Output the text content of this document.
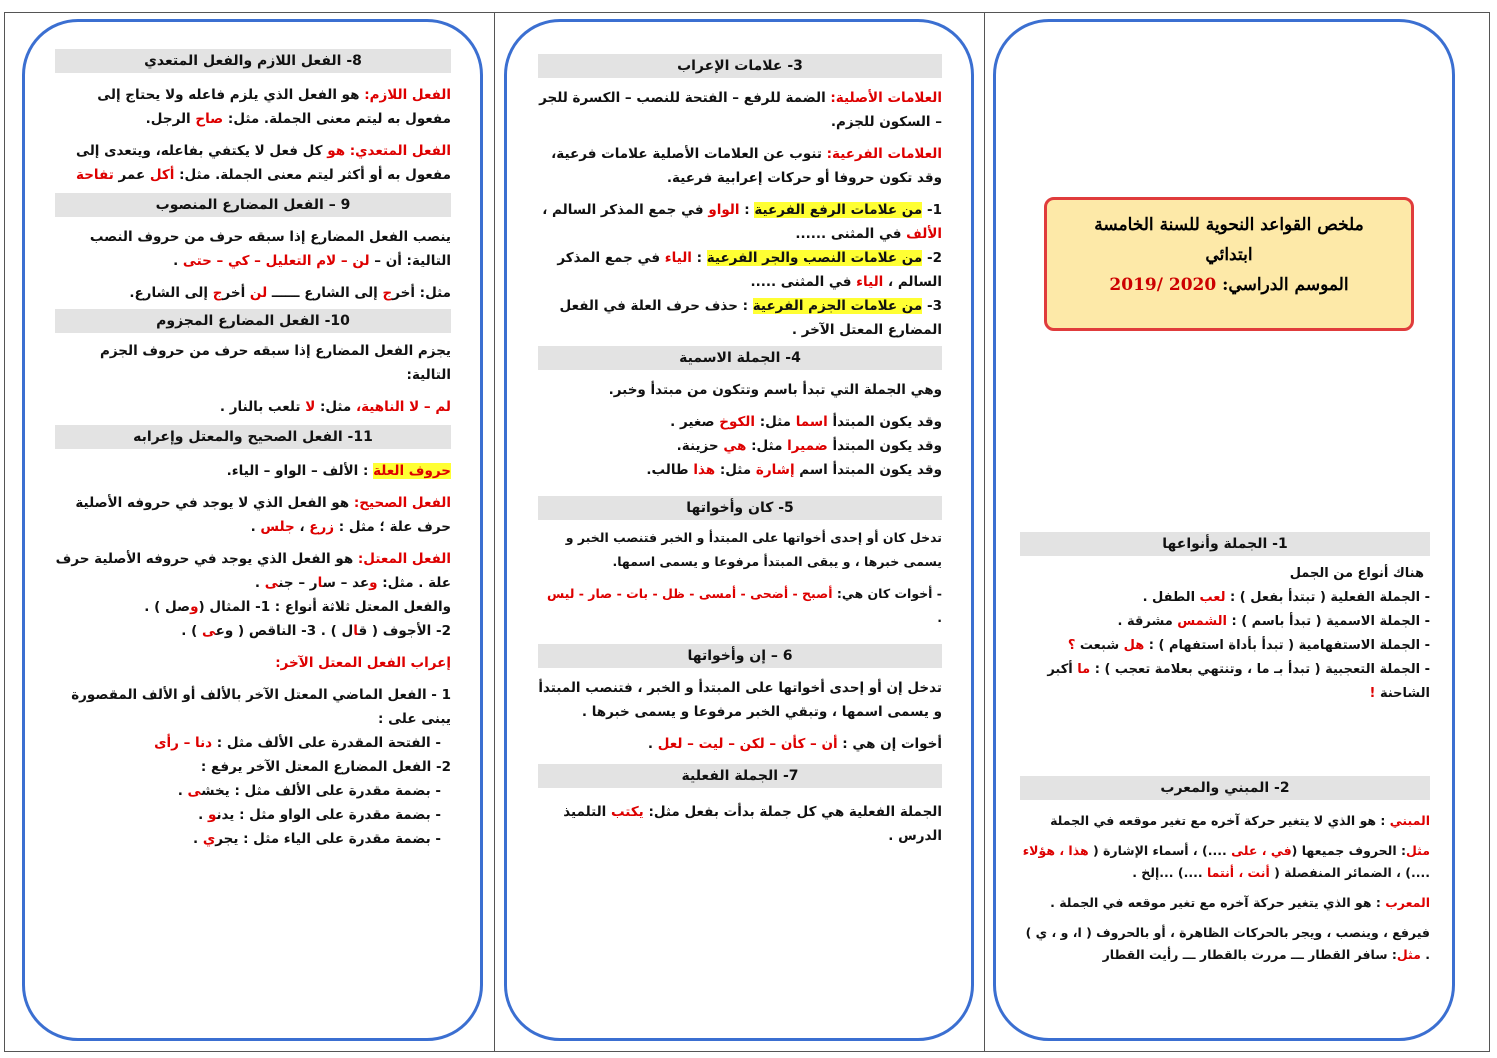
ملخص القواعد النحوية للسنة الخامسة
ابتدائي
الموسم الدراسي: 2020 /2019
1- الجملة وأنواعها

هناك أنواع من الجمل

- الجملة الفعلية ( تبتدأ بفعل ) : لعب الطفل .

- الجملة الاسمية ( تبدأ باسم ) : الشمس مشرقة .

- الجملة الاستفهامية ( تبدأ بأداة استفهام ) : هل شبعت ؟

- الجملة التعجبية ( تبدأ بـ ما ، وتنتهي بعلامة تعجب ) : ما أكبر الشاحنة !

2- المبني والمعرب

المبني : هو الذي لا يتغير حركة آخره مع تغير موقعه في الجملة

مثل: الحروف جميعها (في ، على ....) ، أسماء الإشارة ( هذا ، هؤلاء ....) ، الضمائر المنفصلة ( أنت ، أنتما ....) ...إلخ .

المعرب : هو الذي يتغير حركة آخره مع تغير موقعه في الجملة .

فيرفع ، وينصب ، ويجر بالحركات الظاهرة ، أو بالحروف ( ا، و ، ي ) . مثل: سافر القطار ـــ مررت بالقطار ـــ رأيت القطار

3- علامات الإعراب

العلامات الأصلية: الضمة للرفع – الفتحة للنصب – الكسرة للجر – السكون للجزم.

العلامات الفرعية: تنوب عن العلامات الأصلية علامات فرعية، وقد تكون حروفا أو حركات إعرابية فرعية.

1- من علامات الرفع الفرعية : الواو في جمع المذكر السالم ، الألف في المثنى ......

2- من علامات النصب والجر الفرعية : الياء في جمع المذكر السالم ، الياء في المثنى .....

3- من علامات الجزم الفرعية : حذف حرف العلة في الفعل المضارع المعتل الآخر .

4- الجملة الاسمية

وهي الجملة التي تبدأ باسم وتتكون من مبتدأ وخبر.

وقد يكون المبتدأ اسما مثل: الكوخ صغير .

وقد يكون المبتدأ ضميرا مثل: هي حزينة.

وقد يكون المبتدأ اسم إشارة مثل: هذا طالب.

5- كان وأخواتها

تدخل كان أو إحدى أخواتها على المبتدأ و الخبر فتنصب الخبر و يسمى خبرها ، و يبقى المبتدأ مرفوعا و يسمى اسمها.

- أخوات كان هي: أصبح - أضحى - أمسى - ظل - بات - صار - ليس .

6 – إن وأخواتها

تدخل إن أو إحدى أخواتها على المبتدأ و الخبر ، فتنصب المبتدأ و يسمى اسمها ، وتبقي الخبر مرفوعا و يسمى خبرها .

أخوات إن هي : أن – كأن – لكن – ليت – لعل .

7- الجملة الفعلية

الجملة الفعلية هي كل جملة بدأت بفعل مثل: يكتب التلميذ الدرس .

8- الفعل اللازم والفعل المتعدي

الفعل اللازم: هو الفعل الذي يلزم فاعله ولا يحتاج إلى مفعول به ليتم معنى الجملة. مثل: صاح الرجل.

الفعل المتعدي: هو كل فعل لا يكتفي بفاعله، ويتعدى إلى مفعول به أو أكثر ليتم معنى الجملة. مثل: أكل عمر تفاحة

9 – الفعل المضارع المنصوب

ينصب الفعل المضارع إذا سبقه حرف من حروف النصب التالية: أن – لن – لام التعليل – كي – حتى .

مثل: أخرج إلى الشارع ــــــ لن أخرج إلى الشارع.

10- الفعل المضارع المجزوم

يجزم الفعل المضارع إذا سبقه حرف من حروف الجزم التالية:

لم – لا الناهية، مثل: لا تلعب بالنار .

11- الفعل الصحيح والمعتل وإعرابه

حروف العلة : الألف – الواو – الياء.

الفعل الصحيح: هو الفعل الذي لا يوجد في حروفه الأصلية حرف علة ؛ مثل : زرع ، جلس .

الفعل المعتل: هو الفعل الذي يوجد في حروفه الأصلية حرف علة . مثل: وعد – سار – جنى .

والفعل المعتل ثلاثة أنواع : 1- المثال (وصل ) .

2- الأجوف ( قال ) . 3- الناقص ( وعى ) .

إعراب الفعل المعتل الآخر:

1 - الفعل الماضي المعتل الآخر بالألف أو الألف المقصورة يبنى على :

- الفتحة المقدرة على الألف مثل : دنا – رأى

2- الفعل المضارع المعتل الآخر يرفع :

- بضمة مقدرة على الألف مثل : يخشى .

- بضمة مقدرة على الواو مثل : يدنو .

- بضمة مقدرة على الياء مثل : يجري .
